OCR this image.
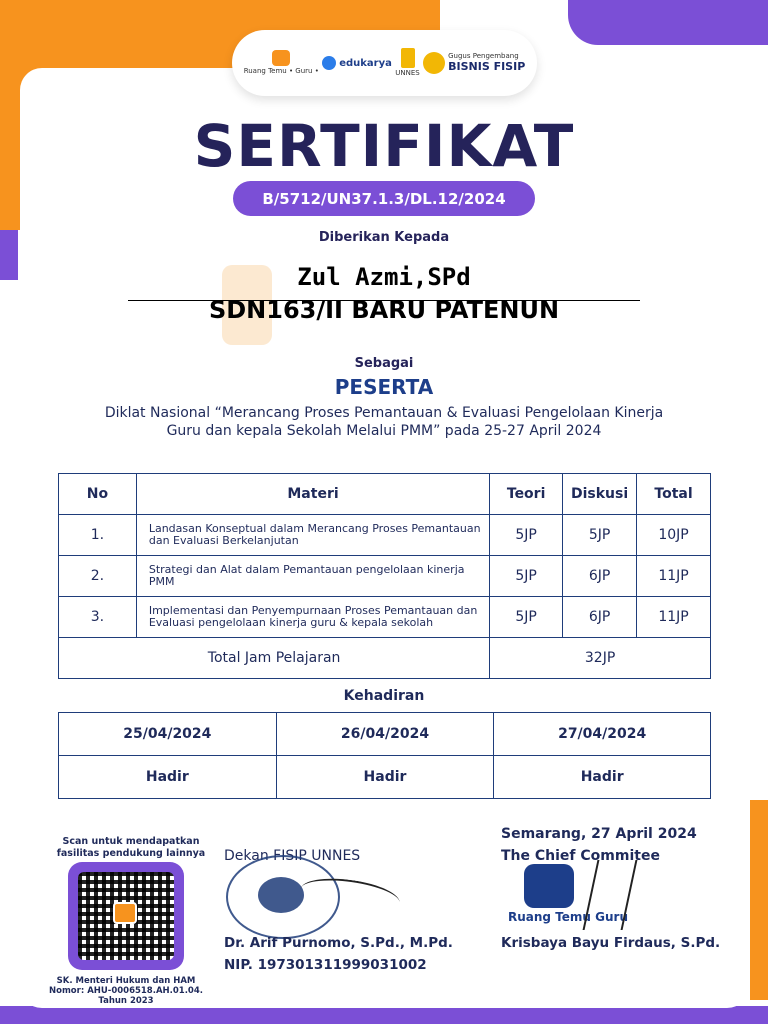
Ruang Temu • Guru •
edukarya
UNNES
Gugus Pengembang
BISNIS FISIP
SERTIFIKAT
B/5712/UN37.1.3/DL.12/2024
Diberikan Kepada
Zul Azmi,SPd
SDN163/II BARU PATENUN
Sebagai
PESERTA
Diklat Nasional “Merancang Proses Pemantauan & Evaluasi Pengelolaan Kinerja Guru dan kepala Sekolah Melalui PMM” pada 25-27 April 2024
No	Materi	Teori	Diskusi	Total
1.	Landasan Konseptual dalam Merancang Proses Pemantauan dan Evaluasi Berkelanjutan	5JP	5JP	10JP
2.	Strategi dan Alat dalam Pemantauan pengelolaan kinerja PMM	5JP	6JP	11JP
3.	Implementasi dan Penyempurnaan Proses Pemantauan dan Evaluasi pengelolaan kinerja guru & kepala sekolah	5JP	6JP	11JP
Total Jam Pelajaran		32JP		
Kehadiran
25/04/2024	26/04/2024	27/04/2024
Hadir	Hadir	Hadir
Scan untuk mendapatkan fasilitas pendukung lainnya
SK. Menteri Hukum dan HAM Nomor: AHU-0006518.AH.01.04. Tahun 2023
Dekan FISIP UNNES
Dr. Arif Purnomo, S.Pd., M.Pd.
NIP. 197301311999031002
Semarang, 27 April 2024
The Chief Commitee
Ruang Temu Guru
Krisbaya Bayu Firdaus, S.Pd.
